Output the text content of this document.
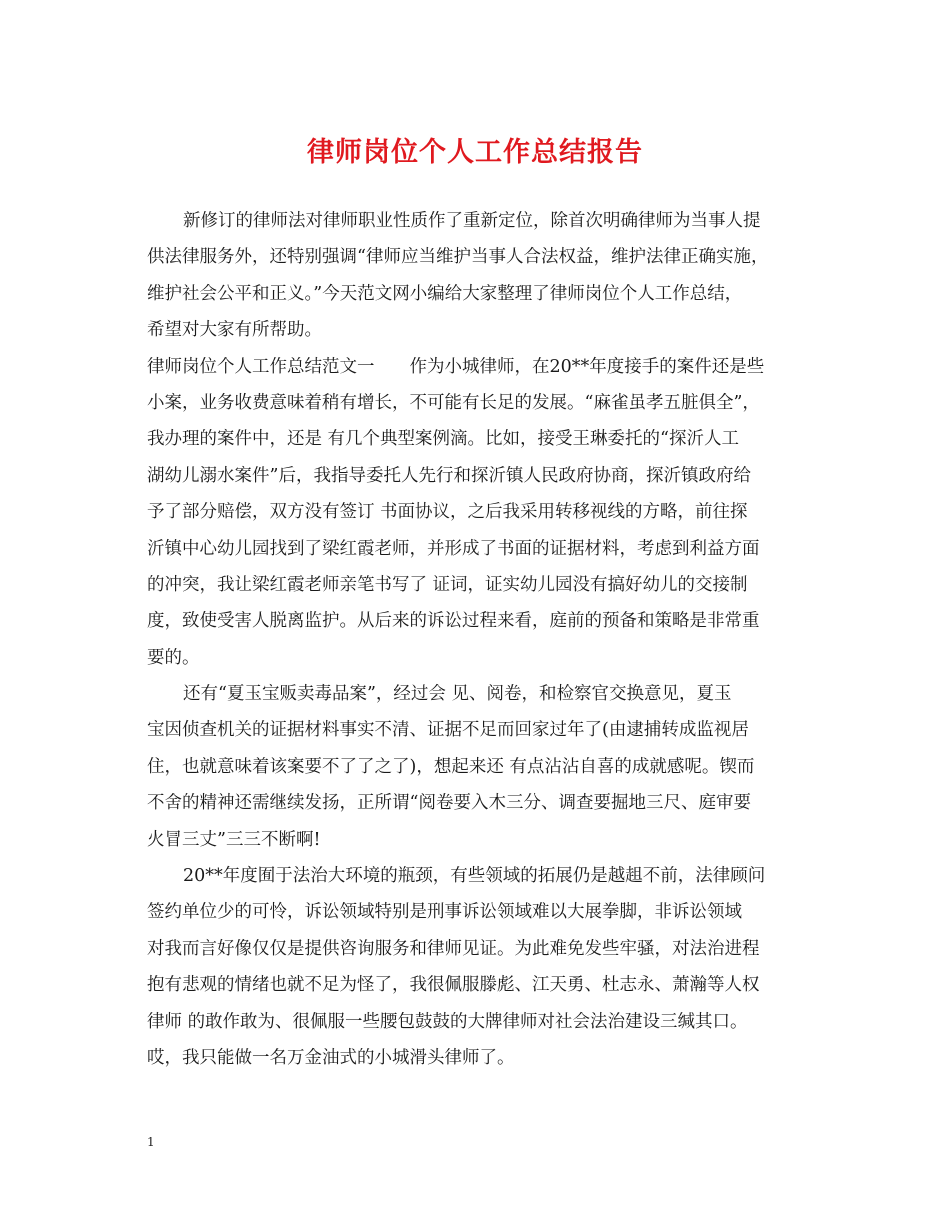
律师岗位个人工作总结报告
新修订的律师法对律师职业性质作了重新定位，除首次明确律师为当事人提
供法律服务外，还特别强调“律师应当维护当事人合法权益，维护法律正确实施，
维护社会公平和正义。”今天范文网小编给大家整理了律师岗位个人工作总结，
希望对大家有所帮助。
律师岗位个人工作总结范文一　　作为小城律师，在20**年度接手的案件还是些
小案，业务收费意味着稍有增长，不可能有长足的发展。“麻雀虽孝五脏俱全”，
我办理的案件中，还是 有几个典型案例滴。比如，接受王琳委托的“探沂人工
湖幼儿溺水案件”后，我指导委托人先行和探沂镇人民政府协商，探沂镇政府给
予了部分赔偿，双方没有签订 书面协议，之后我采用转移视线的方略，前往探
沂镇中心幼儿园找到了梁红霞老师，并形成了书面的证据材料，考虑到利益方面
的冲突，我让梁红霞老师亲笔书写了 证词，证实幼儿园没有搞好幼儿的交接制
度，致使受害人脱离监护。从后来的诉讼过程来看，庭前的预备和策略是非常重
要的。
还有“夏玉宝贩卖毒品案”，经过会 见、阅卷，和检察官交换意见，夏玉
宝因侦查机关的证据材料事实不清、证据不足而回家过年了(由逮捕转成监视居
住，也就意味着该案要不了了之了)，想起来还 有点沾沾自喜的成就感呢。锲而
不舍的精神还需继续发扬，正所谓“阅卷要入木三分、调查要掘地三尺、庭审要
火冒三丈”三三不断啊!
20**年度囿于法治大环境的瓶颈，有些领域的拓展仍是越趄不前，法律顾问
签约单位少的可怜，诉讼领域特别是刑事诉讼领域难以大展拳脚，非诉讼领域
对我而言好像仅仅是提供咨询服务和律师见证。为此难免发些牢骚，对法治进程
抱有悲观的情绪也就不足为怪了，我很佩服滕彪、江天勇、杜志永、萧瀚等人权
律师 的敢作敢为、很佩服一些腰包鼓鼓的大牌律师对社会法治建设三缄其口。
哎，我只能做一名万金油式的小城滑头律师了。
1
